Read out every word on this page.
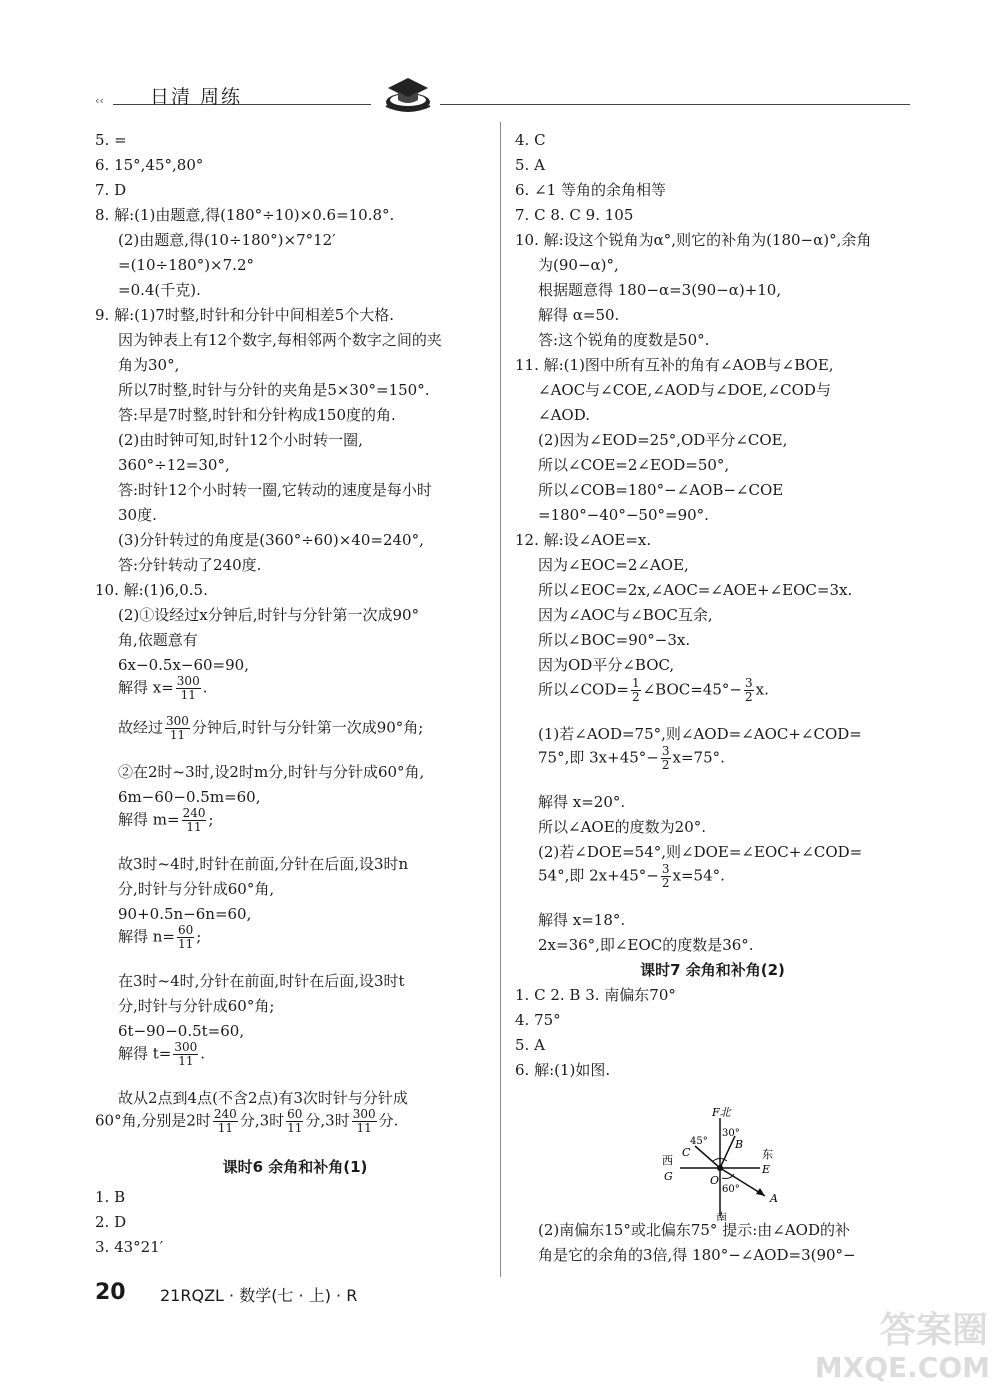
‹‹ 日清 周练
5. =
6. 15°,45°,80°
7. D
8. 解:(1)由题意,得(180°÷10)×0.6=10.8°.
(2)由题意,得(10÷180°)×7°12′
=(10÷180°)×7.2°
=0.4(千克).
9. 解:(1)7时整,时针和分针中间相差5个大格.
因为钟表上有12个数字,每相邻两个数字之间的夹
角为30°,
所以7时整,时针与分针的夹角是5×30°=150°.
答:早是7时整,时针和分针构成150度的角.
(2)由时钟可知,时针12个小时转一圈,
360°÷12=30°,
答:时针12个小时转一圈,它转动的速度是每小时
30度.
(3)分针转过的角度是(360°÷60)×40=240°,
答:分针转动了240度.
10. 解:(1)6,0.5.
(2)①设经过x分钟后,时针与分针第一次成90°
角,依题意有
6x−0.5x−60=90,
解得 $x= \frac{300}{11}$ .
故经过 $\frac{300}{11}$ 分钟后,时针与分针第一次成90°角;
②在2时~3时,设2时m分,时针与分针成60°角,
6m−60−0.5m=60,
解得 $m= \frac{240}{11}$ ;
故3时~4时,时针在前面,分针在后面,设3时n
分,时针与分针成60°角,
90+0.5n−6n=60,
解得 $n= \frac{60}{11}$ ;
在3时~4时,分针在前面,时针在后面,设3时t
分,时针与分针成60°角;
6t−90−0.5t=60,
解得 $t= \frac{300}{11}$ .
故从2点到4点(不含2点)有3次时针与分针成
60°角,分别是2时 $\frac{240}{11}$ 分,3时 $\frac{60}{11}$ 分,3时 $\frac{300}{11}$ 分.
课时6 余角和补角(1)
1. B
2. D
3. 43°21′
F北
东
西
南
E
G	O
A
B
C
45°
30°
60°
4. C
5. A
6. ∠1 等角的余角相等
7. C 8. C 9. 105
10. 解:设这个锐角为α°,则它的补角为(180−α)°,余角
为(90−α)°,
根据题意得 180−α=3(90−α)+10,
解得 α=50.
答:这个锐角的度数是50°.
11. 解:(1)图中所有互补的角有∠AOB与∠BOE,
∠AOC与∠COE,∠AOD与∠DOE,∠COD与
∠AOD.
(2)因为∠EOD=25°,OD平分∠COE,
所以∠COE=2∠EOD=50°,
所以∠COB=180°−∠AOB−∠COE
=180°−40°−50°=90°.
12. 解:设∠AOE=x.
因为∠EOC=2∠AOE,
所以∠EOC=2x,∠AOC=∠AOE+∠EOC=3x.
因为∠AOC与∠BOC互余,
所以∠BOC=90°−3x.
因为OD平分∠BOC,
所以∠COD= $\frac{1}{2}$ ∠BOC=45°− $\frac{3}{2} x$.
(1)若∠AOD=75°,则∠AOD=∠AOC+∠COD=
75°,即 $3x+45^\circ- \frac{3}{2} x=75^\circ$.
解得 x=20°.
所以∠AOE的度数为20°.
(2)若∠DOE=54°,则∠DOE=∠EOC+∠COD=
54°,即 $2x+45^\circ- \frac{3}{2} x=54^\circ$.
解得 x=18°.
2x=36°,即∠EOC的度数是36°.
课时7 余角和补角(2)
1. C 2. B 3. 南偏东70°
4. 75°
5. A
6. 解:(1)如图.
(2)南偏东15°或北偏东75° 提示:由∠AOD的补
角是它的余角的3倍,得 180°−∠AOD=3(90°−
20 21RQZL · 数学(七 · 上) · R
答案圈
MXQE.COM
